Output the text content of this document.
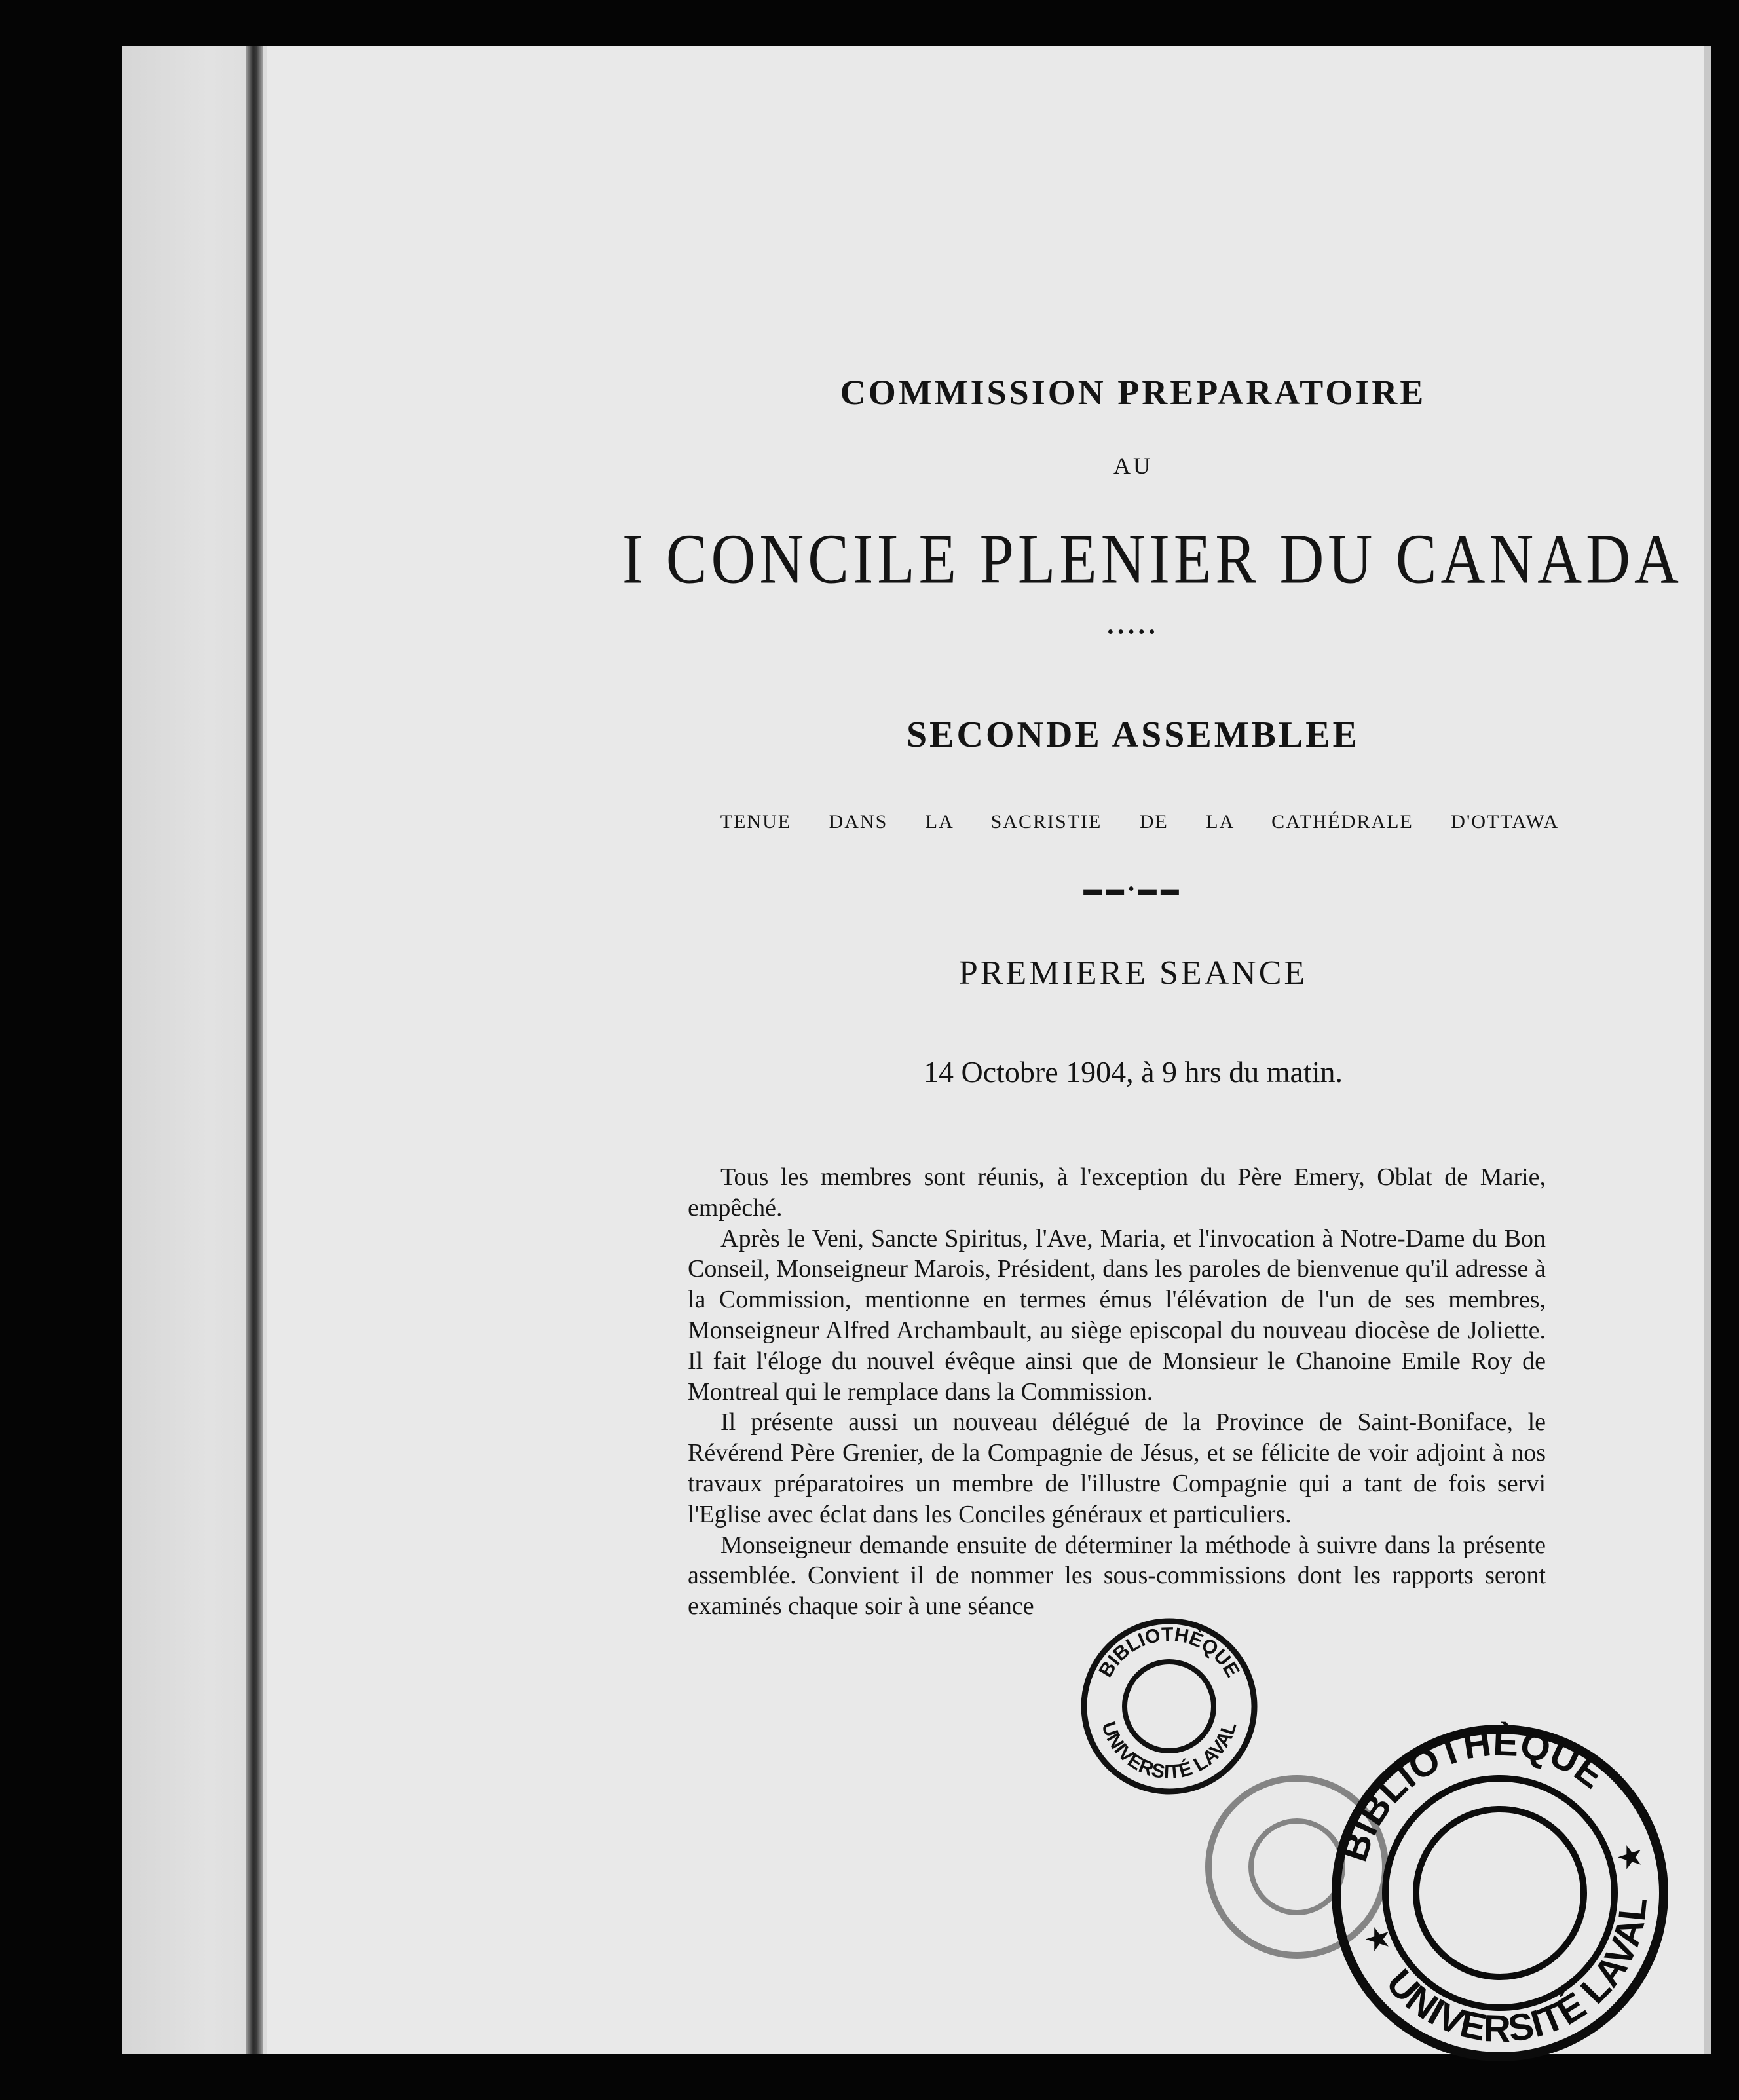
COMMISSION PREPARATOIRE
AU
I CONCILE PLENIER DU CANADA
•••••
SECONDE ASSEMBLEE
TENUE DANS LA SACRISTIE DE LA CATHÉDRALE D'OTTAWA
▬▬•▬▬
PREMIERE SEANCE
14 Octobre 1904, à 9 hrs du matin.

Tous les membres sont réunis, à l'exception du Père Emery, Oblat de Marie, empêché.

Après le Veni, Sancte Spiritus, l'Ave, Maria, et l'invocation à Notre-Dame du Bon Conseil, Monseigneur Marois, Président, dans les paroles de bienvenue qu'il adresse à la Commission, mentionne en termes émus l'élévation de l'un de ses membres, Monseigneur Alfred Archambault, au siège episcopal du nouveau diocèse de Joliette. Il fait l'éloge du nouvel évêque ainsi que de Monsieur le Chanoine Emile Roy de Montreal qui le remplace dans la Commission.

Il présente aussi un nouveau délégué de la Province de Saint-Boniface, le Révérend Père Grenier, de la Compagnie de Jésus, et se félicite de voir adjoint à nos travaux préparatoires un membre de l'illustre Compagnie qui a tant de fois servi l'Eglise avec éclat dans les Conciles généraux et particuliers.

Monseigneur demande ensuite de déterminer la méthode à suivre dans la présente assemblée. Convient il de nommer les sous-commissions dont les rapports seront examinés chaque soir à une séance

BIBLIOTHÈQUE
UNIVERSITÉ LAVAL
BIBLIOTHÈQUE
UNIVERSITÉ LAVAL
★
★
